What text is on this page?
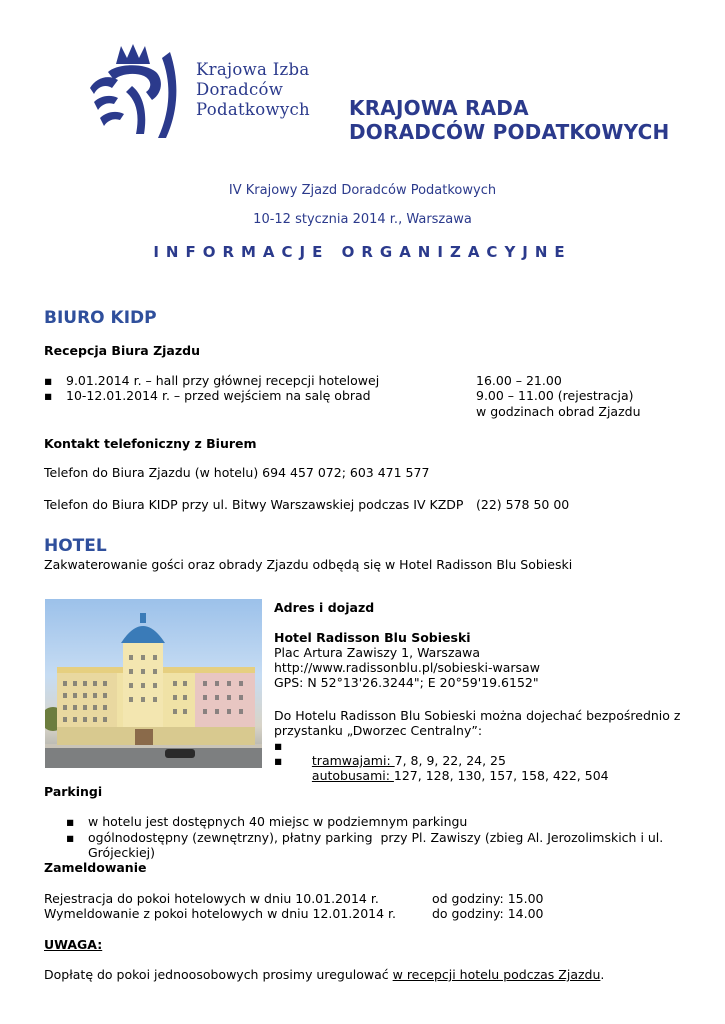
Krajowa Izba
Doradców
Podatkowych KRAJOWA RADA
DORADCÓW PODATKOWYCH
IV Krajowy Zjazd Doradców Podatkowych
10-12 stycznia 2014 r., Warszawa
INFORMACJE ORGANIZACYJNE
BIURO KIDP
Recepcja Biura Zjazdu
▪ 9.01.2014 r. – hall przy głównej recepcji hotelowej	16.00 – 21.00
▪ 10-12.01.2014 r. – przed wejściem na salę obrad	9.00 – 11.00 (rejestracja)
w godzinach obrad Zjazdu
Kontakt telefoniczny z Biurem
Telefon do Biura Zjazdu (w hotelu) 694 457 072; 603 471 577
Telefon do Biura KIDP przy ul. Bitwy Warszawskiej podczas IV KZDP (22) 578 50 00
HOTEL
Zakwaterowanie gości oraz obrady Zjazdu odbędą się w Hotel Radisson Blu Sobieski
Adres i dojazd
Hotel Radisson Blu Sobieski
Plac Artura Zawiszy 1, Warszawa
http://www.radissonblu.pl/sobieski-warsaw
GPS: N 52°13'26.3244"; E 20°59'19.6152"
Do Hotelu Radisson Blu Sobieski można dojechać bezpośrednio z
przystanku „Dworzec Centralny”:
▪

tramwajami: 7, 8, 9, 22, 24, 25

▪

autobusami: 127, 128, 130, 157, 158, 422, 504

Parkingi
▪ w hotelu jest dostępnych 40 miejsc w podziemnym parkingu
▪ ogólnodostępny (zewnętrzny), płatny parking  przy Pl. Zawiszy (zbieg Al. Jerozolimskich i ul.
Grójeckiej)
Zameldowanie
Rejestracja do pokoi hotelowych w dniu 10.01.2014 r.	od godziny: 15.00
Wymeldowanie z pokoi hotelowych w dniu 12.01.2014 r.	do godziny: 14.00
UWAGA:

Dopłatę do pokoi jednoosobowych prosimy uregulować w recepcji hotelu podczas Zjazdu.
